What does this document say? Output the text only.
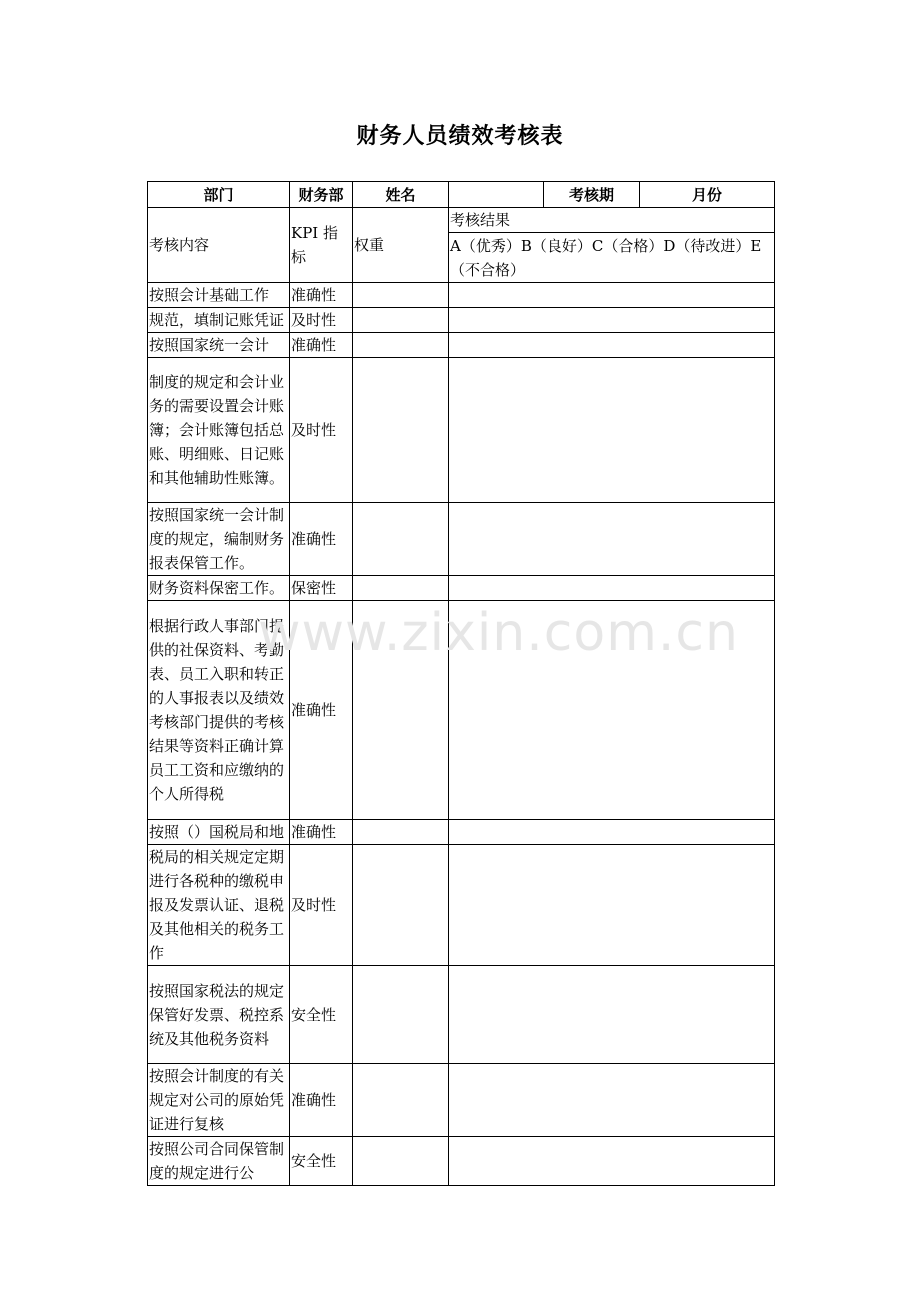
财务人员绩效考核表
部门	财务部	姓名		考核期	月份
考核内容	KPI 指标	权重	考核结果		
			A（优秀）B（良好）C（合格）D（待改进）E（不合格）		
按照会计基础工作	准确性				
规范，填制记账凭证	及时性				
按照国家统一会计	准确性				
制度的规定和会计业务的需要设置会计账簿；会计账簿包括总账、明细账、日记账和其他辅助性账簿。	及时性				
按照国家统一会计制度的规定，编制财务报表保管工作。	准确性				
财务资料保密工作。	保密性				
根据行政人事部门提供的社保资料、考勤表、员工入职和转正的人事报表以及绩效考核部门提供的考核结果等资料正确计算员工工资和应缴纳的个人所得税	准确性				
按照（）国税局和地	准确性				
税局的相关规定定期进行各税种的缴税申报及发票认证、退税及其他相关的税务工作	及时性				
按照国家税法的规定保管好发票、税控系统及其他税务资料	安全性				
按照会计制度的有关规定对公司的原始凭证进行复核	准确性				
按照公司合同保管制度的规定进行公	安全性				
www.zixin.com.cn
